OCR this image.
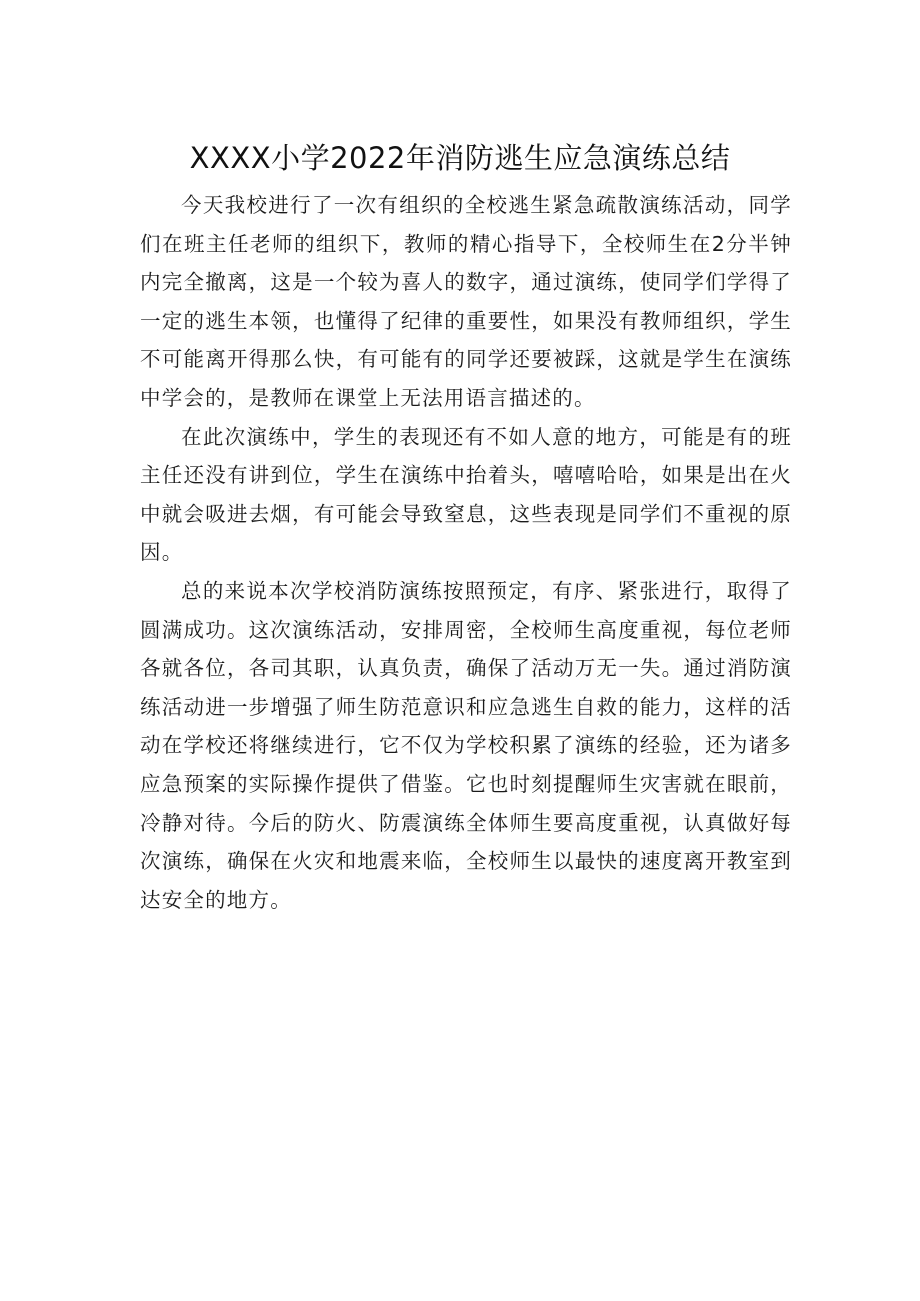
XXXX小学2022年消防逃生应急演练总结

今天我校进行了一次有组织的全校逃生紧急疏散演练活动，同学们在班主任老师的组织下，教师的精心指导下，全校师生在2分半钟内完全撤离，这是一个较为喜人的数字，通过演练，使同学们学得了一定的逃生本领，也懂得了纪律的重要性，如果没有教师组织，学生不可能离开得那么快，有可能有的同学还要被踩，这就是学生在演练中学会的，是教师在课堂上无法用语言描述的。

在此次演练中，学生的表现还有不如人意的地方，可能是有的班主任还没有讲到位，学生在演练中抬着头，嘻嘻哈哈，如果是出在火中就会吸进去烟，有可能会导致窒息，这些表现是同学们不重视的原因。

总的来说本次学校消防演练按照预定，有序、紧张进行，取得了圆满成功。这次演练活动，安排周密，全校师生高度重视，每位老师各就各位，各司其职，认真负责，确保了活动万无一失。通过消防演练活动进一步增强了师生防范意识和应急逃生自救的能力，这样的活动在学校还将继续进行，它不仅为学校积累了演练的经验，还为诸多应急预案的实际操作提供了借鉴。它也时刻提醒师生灾害就在眼前，冷静对待。今后的防火、防震演练全体师生要高度重视，认真做好每次演练，确保在火灾和地震来临，全校师生以最快的速度离开教室到达安全的地方。
